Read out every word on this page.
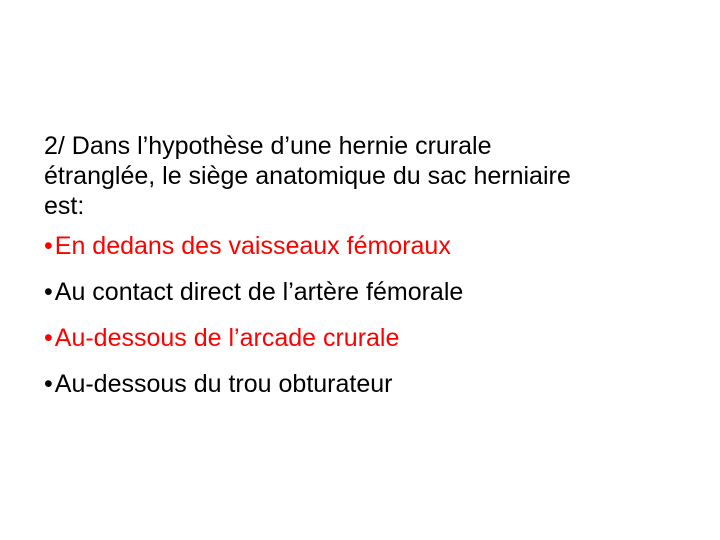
2/ Dans l’hypothèse d’une hernie crurale
étranglée, le siège anatomique du sac herniaire
est:

•En dedans des vaisseaux fémoraux
•Au contact direct de l’artère fémorale
•Au-dessous de l’arcade crurale
•Au-dessous du trou obturateur
